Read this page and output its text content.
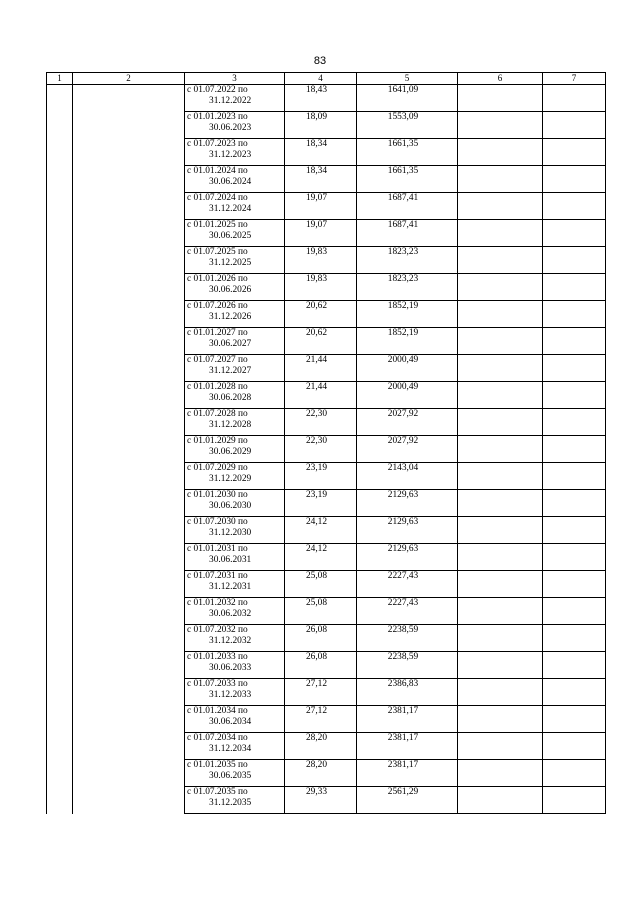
83
1	2	3	4	5	6	7

		с 01.07.2022 по
31.12.2022	18,43	1641,09		

		с 01.01.2023 по
30.06.2023	18,09	1553,09		

		с 01.07.2023 по
31.12.2023	18,34	1661,35		

		с 01.01.2024 по
30.06.2024	18,34	1661,35		

		с 01.07.2024 по
31.12.2024	19,07	1687,41		

		с 01.01.2025 по
30.06.2025	19,07	1687,41		

		с 01.07.2025 по
31.12.2025	19,83	1823,23		

		с 01.01.2026 по
30.06.2026	19,83	1823,23		

		с 01.07.2026 по
31.12.2026	20,62	1852,19		

		с 01.01.2027 по
30.06.2027	20,62	1852,19		

		с 01.07.2027 по
31.12.2027	21,44	2000,49		

		с 01.01.2028 по
30.06.2028	21,44	2000,49		

		с 01.07.2028 по
31.12.2028	22,30	2027,92		

		с 01.01.2029 по
30.06.2029	22,30	2027,92		

		с 01.07.2029 по
31.12.2029	23,19	2143,04		

		с 01.01.2030 по
30.06.2030	23,19	2129,63		

		с 01.07.2030 по
31.12.2030	24,12	2129,63		

		с 01.01.2031 по
30.06.2031	24,12	2129,63		

		с 01.07.2031 по
31.12.2031	25,08	2227,43		

		с 01.01.2032 по
30.06.2032	25,08	2227,43		

		с 01.07.2032 по
31.12.2032	26,08	2238,59		

		с 01.01.2033 по
30.06.2033	26,08	2238,59		

		с 01.07.2033 по
31.12.2033	27,12	2386,83		

		с 01.01.2034 по
30.06.2034	27,12	2381,17		

		с 01.07.2034 по
31.12.2034	28,20	2381,17		

		с 01.01.2035 по
30.06.2035	28,20	2381,17		

		с 01.07.2035 по
31.12.2035	29,33	2561,29		
